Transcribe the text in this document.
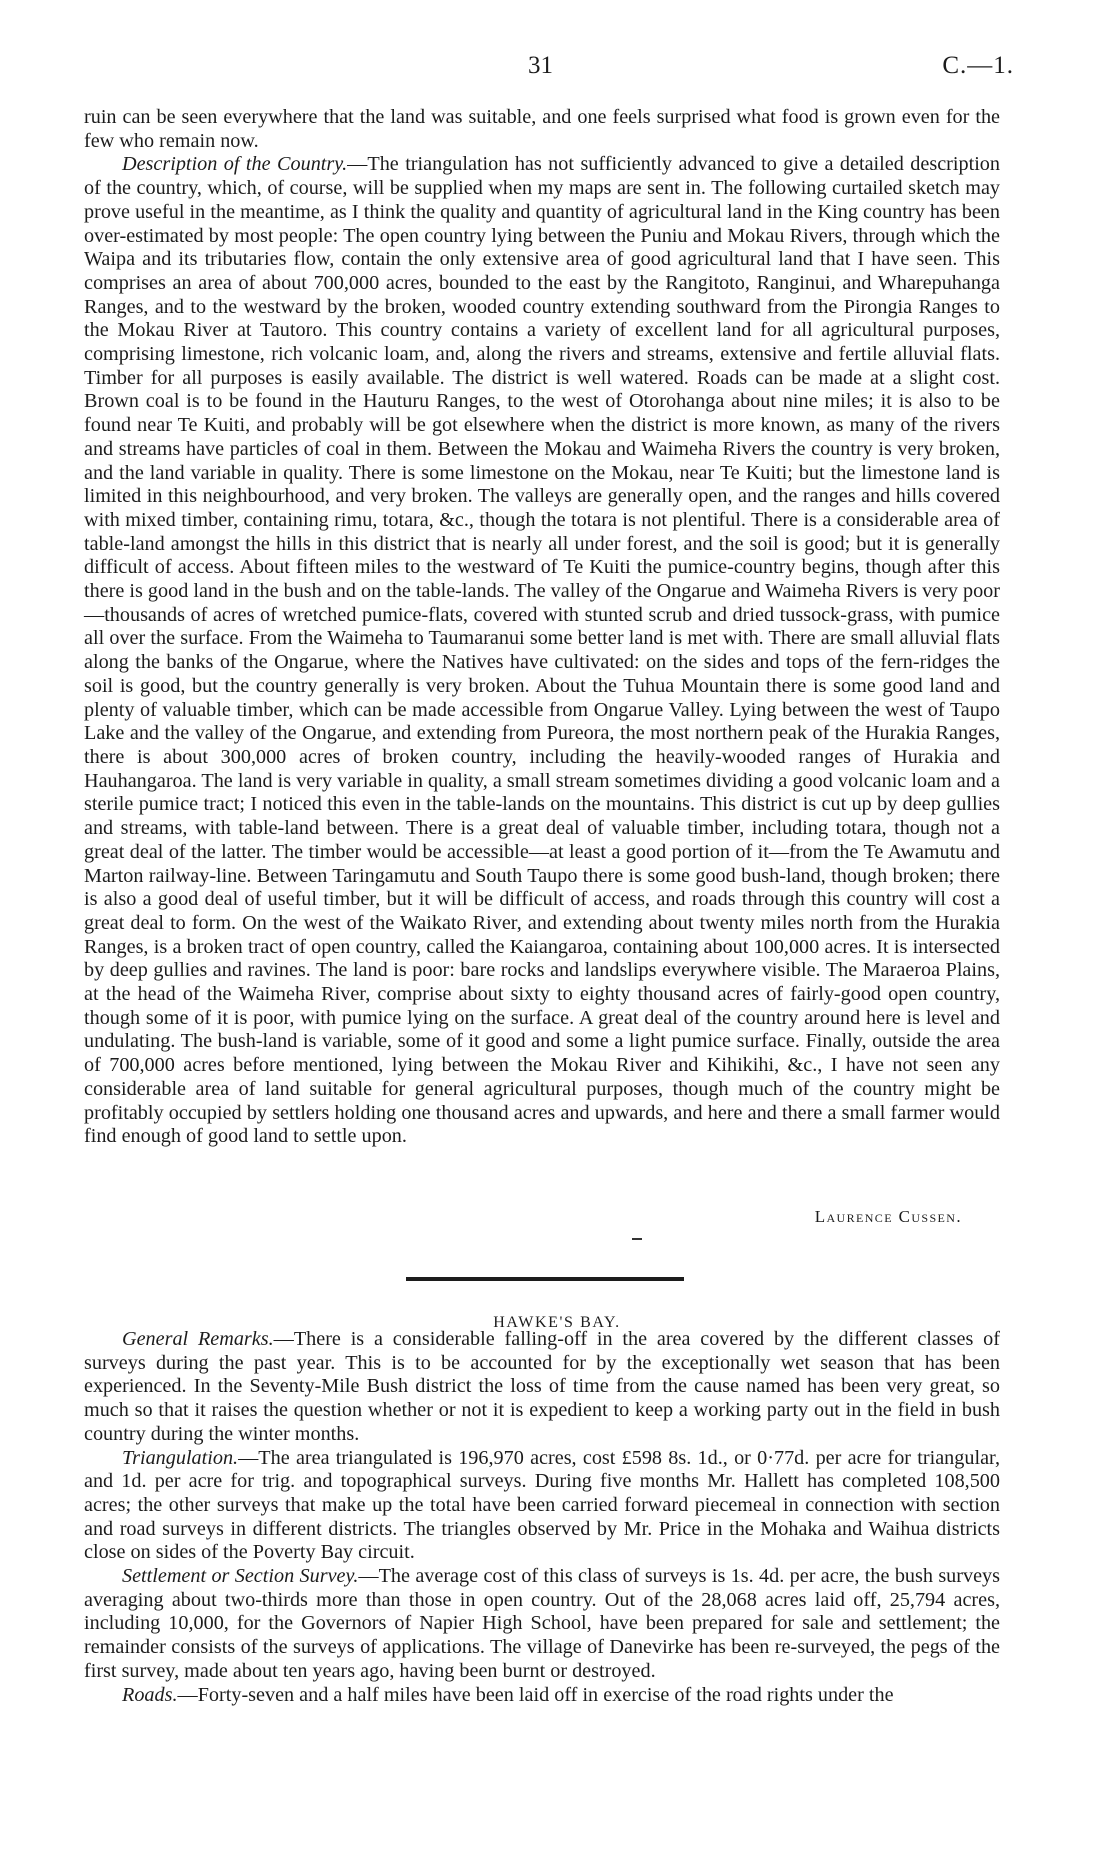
31	C.—1.

ruin can be seen everywhere that the land was suitable, and one feels surprised what food is grown even for the few who remain now.

Description of the Country.—The triangulation has not sufficiently advanced to give a detailed description of the country, which, of course, will be supplied when my maps are sent in. The following curtailed sketch may prove useful in the meantime, as I think the quality and quantity of agricultural land in the King country has been over-estimated by most people: The open country lying between the Puniu and Mokau Rivers, through which the Waipa and its tributaries flow, contain the only extensive area of good agricultural land that I have seen. This comprises an area of about 700,000 acres, bounded to the east by the Rangitoto, Ranginui, and Wharepuhanga Ranges, and to the westward by the broken, wooded country extending southward from the Pirongia Ranges to the Mokau River at Tautoro. This country contains a variety of excellent land for all agricultural purposes, comprising limestone, rich volcanic loam, and, along the rivers and streams, extensive and fertile alluvial flats. Timber for all purposes is easily available. The district is well watered. Roads can be made at a slight cost. Brown coal is to be found in the Hauturu Ranges, to the west of Otorohanga about nine miles; it is also to be found near Te Kuiti, and probably will be got elsewhere when the district is more known, as many of the rivers and streams have particles of coal in them. Between the Mokau and Waimeha Rivers the country is very broken, and the land variable in quality. There is some limestone on the Mokau, near Te Kuiti; but the limestone land is limited in this neighbourhood, and very broken. The valleys are generally open, and the ranges and hills covered with mixed timber, containing rimu, totara, &c., though the totara is not plentiful. There is a considerable area of table-land amongst the hills in this district that is nearly all under forest, and the soil is good; but it is generally difficult of access. About fifteen miles to the westward of Te Kuiti the pumice-country begins, though after this there is good land in the bush and on the table-lands. The valley of the Ongarue and Waimeha Rivers is very poor—thousands of acres of wretched pumice-flats, covered with stunted scrub and dried tussock-grass, with pumice all over the surface. From the Waimeha to Taumaranui some better land is met with. There are small alluvial flats along the banks of the Ongarue, where the Natives have cultivated: on the sides and tops of the fern-ridges the soil is good, but the country generally is very broken. About the Tuhua Mountain there is some good land and plenty of valuable timber, which can be made accessible from Ongarue Valley. Lying between the west of Taupo Lake and the valley of the Ongarue, and extending from Pureora, the most northern peak of the Hurakia Ranges, there is about 300,000 acres of broken country, including the heavily-wooded ranges of Hurakia and Hauhangaroa. The land is very variable in quality, a small stream sometimes dividing a good volcanic loam and a sterile pumice tract; I noticed this even in the table-lands on the mountains. This district is cut up by deep gullies and streams, with table-land between. There is a great deal of valuable timber, including totara, though not a great deal of the latter. The timber would be accessible—at least a good portion of it—from the Te Awamutu and Marton railway-line. Between Taringamutu and South Taupo there is some good bush-land, though broken; there is also a good deal of useful timber, but it will be difficult of access, and roads through this country will cost a great deal to form. On the west of the Waikato River, and extending about twenty miles north from the Hurakia Ranges, is a broken tract of open country, called the Kaiangaroa, containing about 100,000 acres. It is intersected by deep gullies and ravines. The land is poor: bare rocks and landslips everywhere visible. The Maraeroa Plains, at the head of the Waimeha River, comprise about sixty to eighty thousand acres of fairly-good open country, though some of it is poor, with pumice lying on the surface. A great deal of the country around here is level and undulating. The bush-land is variable, some of it good and some a light pumice surface. Finally, outside the area of 700,000 acres before mentioned, lying between the Mokau River and Kihikihi, &c., I have not seen any considerable area of land suitable for general agricultural purposes, though much of the country might be profitably occupied by settlers holding one thousand acres and upwards, and here and there a small farmer would find enough of good land to settle upon.

Laurence Cussen.
HAWKE'S BAY.

General Remarks.—There is a considerable falling-off in the area covered by the different classes of surveys during the past year. This is to be accounted for by the exceptionally wet season that has been experienced. In the Seventy-Mile Bush district the loss of time from the cause named has been very great, so much so that it raises the question whether or not it is expedient to keep a working party out in the field in bush country during the winter months.

Triangulation.—The area triangulated is 196,970 acres, cost £598 8s. 1d., or 0·77d. per acre for triangular, and 1d. per acre for trig. and topographical surveys. During five months Mr. Hallett has completed 108,500 acres; the other surveys that make up the total have been carried forward piecemeal in connection with section and road surveys in different districts. The triangles observed by Mr. Price in the Mohaka and Waihua districts close on sides of the Poverty Bay circuit.

Settlement or Section Survey.—The average cost of this class of surveys is 1s. 4d. per acre, the bush surveys averaging about two-thirds more than those in open country. Out of the 28,068 acres laid off, 25,794 acres, including 10,000, for the Governors of Napier High School, have been prepared for sale and settlement; the remainder consists of the surveys of applications. The village of Danevirke has been re-surveyed, the pegs of the first survey, made about ten years ago, having been burnt or destroyed.

Roads.—Forty-seven and a half miles have been laid off in exercise of the road rights under the
